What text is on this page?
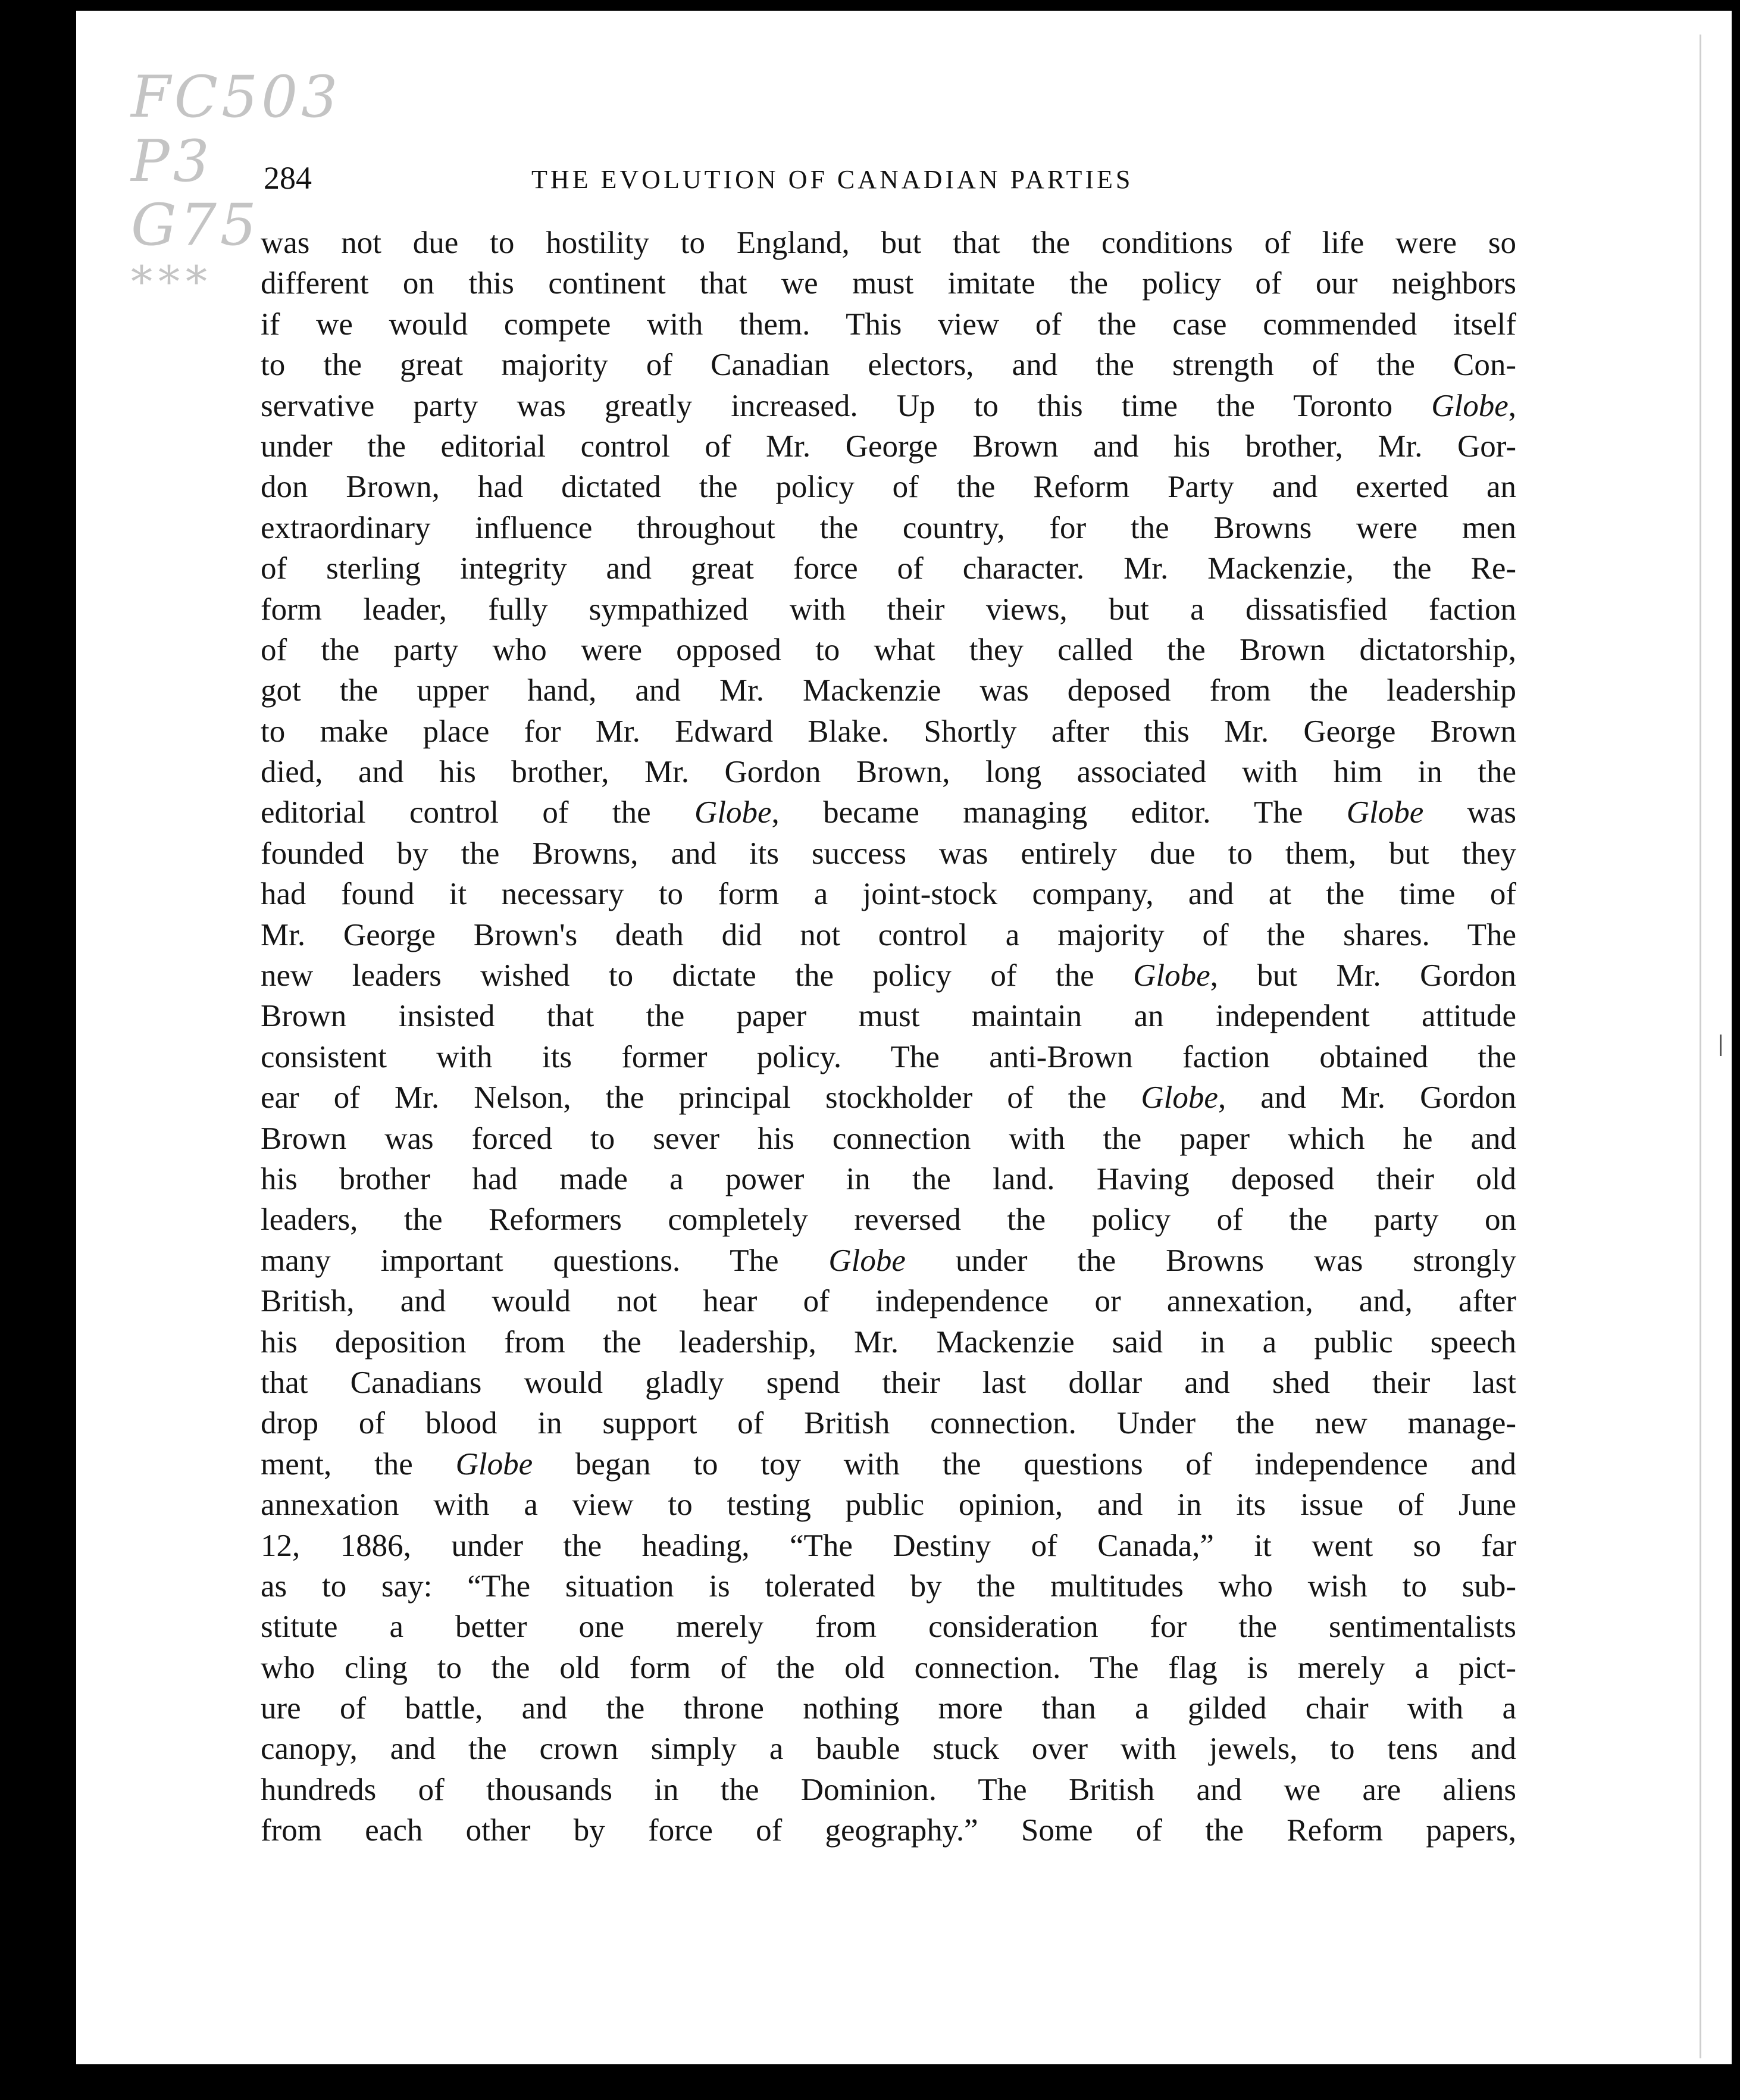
FC503
P3
G75
***
284	THE EVOLUTION OF CANADIAN PARTIES
was not due to hostility to England, but that the conditions of life were so
different on this continent that we must imitate the policy of our neighbors
if we would compete with them. This view of the case commended itself
to the great majority of Canadian electors, and the strength of the Con-
servative party was greatly increased. Up to this time the Toronto Globe,
under the editorial control of Mr. George Brown and his brother, Mr. Gor-
don Brown, had dictated the policy of the Reform Party and exerted an
extraordinary influence throughout the country, for the Browns were men
of sterling integrity and great force of character. Mr. Mackenzie, the Re-
form leader, fully sympathized with their views, but a dissatisfied faction
of the party who were opposed to what they called the Brown dictatorship,
got the upper hand, and Mr. Mackenzie was deposed from the leadership
to make place for Mr. Edward Blake. Shortly after this Mr. George Brown
died, and his brother, Mr. Gordon Brown, long associated with him in the
editorial control of the Globe, became managing editor. The Globe was
founded by the Browns, and its success was entirely due to them, but they
had found it necessary to form a joint-stock company, and at the time of
Mr. George Brown's death did not control a majority of the shares. The
new leaders wished to dictate the policy of the Globe, but Mr. Gordon
Brown insisted that the paper must maintain an independent attitude
consistent with its former policy. The anti-Brown faction obtained the
ear of Mr. Nelson, the principal stockholder of the Globe, and Mr. Gordon
Brown was forced to sever his connection with the paper which he and
his brother had made a power in the land. Having deposed their old
leaders, the Reformers completely reversed the policy of the party on
many important questions. The Globe under the Browns was strongly
British, and would not hear of independence or annexation, and, after
his deposition from the leadership, Mr. Mackenzie said in a public speech
that Canadians would gladly spend their last dollar and shed their last
drop of blood in support of British connection. Under the new manage-
ment, the Globe began to toy with the questions of independence and
annexation with a view to testing public opinion, and in its issue of June
12, 1886, under the heading, “The Destiny of Canada,” it went so far
as to say: “The situation is tolerated by the multitudes who wish to sub-
stitute a better one merely from consideration for the sentimentalists
who cling to the old form of the old connection. The flag is merely a pict-
ure of battle, and the throne nothing more than a gilded chair with a
canopy, and the crown simply a bauble stuck over with jewels, to tens and
hundreds of thousands in the Dominion. The British and we are aliens
from each other by force of geography.” Some of the Reform papers,
